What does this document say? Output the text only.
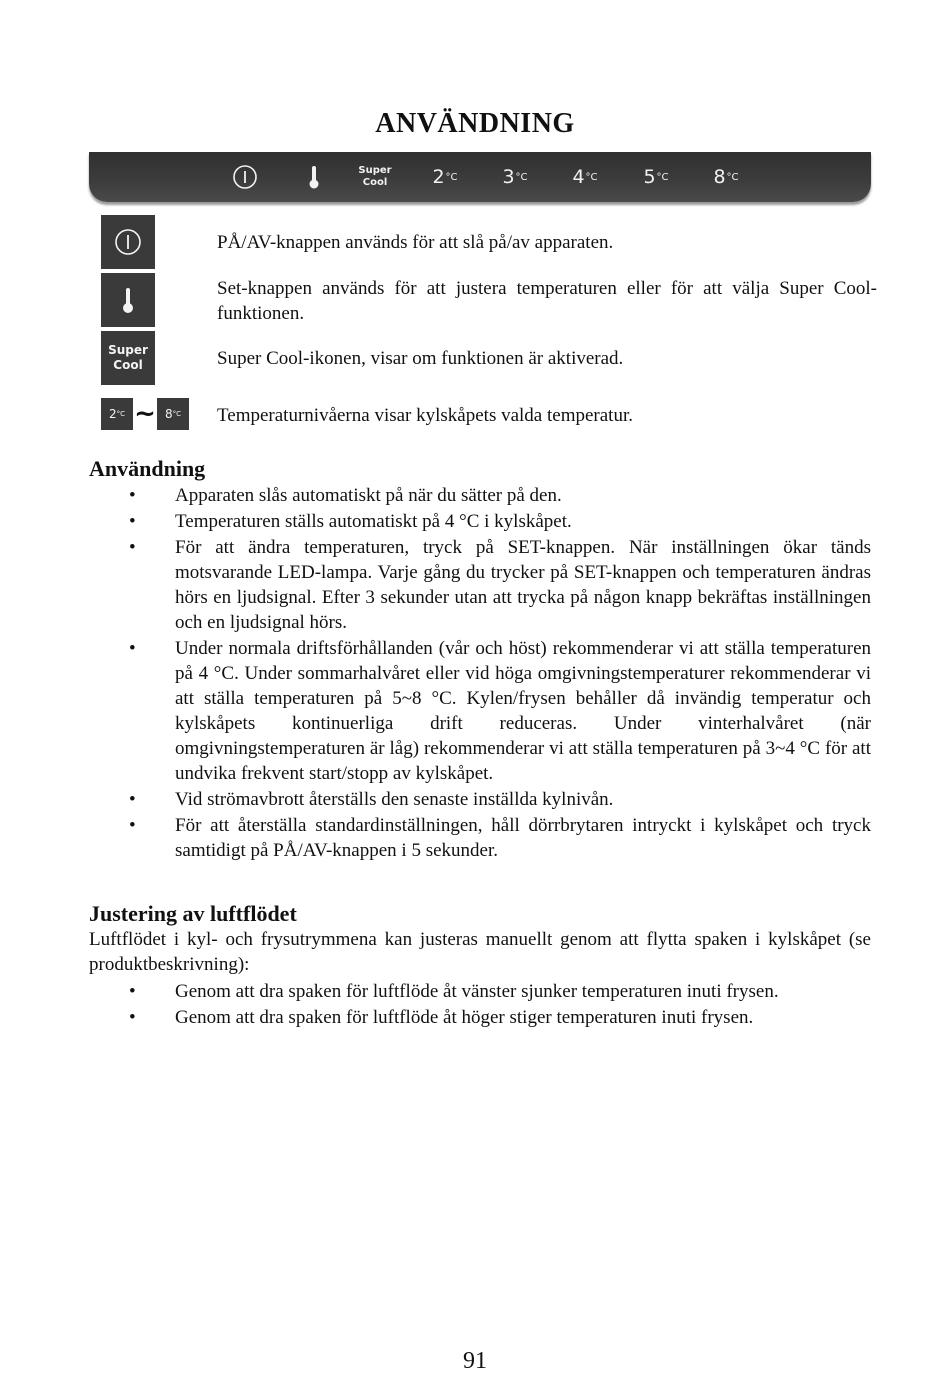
ANVÄNDNING
Super
Cool	2 °C 3 °C 4 °C 5 °C 8 °C
PÅ/AV-knappen används för att slå på/av apparaten.
Set-knappen används för att justera temperaturen eller för att välja Super Cool-funktionen.
Super
Cool	Super Cool-ikonen, visar om funktionen är aktiverad.
2 °C ~ 8 °C Temperaturnivåerna visar kylskåpets valda temperatur.
Användning
• Apparaten slås automatiskt på när du sätter på den.
• Temperaturen ställs automatiskt på 4 °C i kylskåpet.
• För att ändra temperaturen, tryck på SET-knappen. När inställningen ökar tänds motsvarande LED-lampa. Varje gång du trycker på SET-knappen och temperaturen ändras hörs en ljudsignal. Efter 3 sekunder utan att trycka på någon knapp bekräftas inställningen och en ljudsignal hörs.
• Under normala driftsförhållanden (vår och höst) rekommenderar vi att ställa temperaturen på 4 °C. Under sommarhalvåret eller vid höga omgivningstemperaturer rekommenderar vi att ställa temperaturen på 5~8 °C. Kylen/frysen behåller då invändig temperatur och kylskåpets kontinuerliga drift reduceras. Under vinterhalvåret (när omgivningstemperaturen är låg) rekommenderar vi att ställa temperaturen på 3~4 °C för att undvika frekvent start/stopp av kylskåpet.
• Vid strömavbrott återställs den senaste inställda kylnivån.
• För att återställa standardinställningen, håll dörrbrytaren intryckt i kylskåpet och tryck samtidigt på PÅ/AV-knappen i 5 sekunder.
Justering av luftflödet

Luftflödet i kyl- och frysutrymmena kan justeras manuellt genom att flytta spaken i kylskåpet (se produktbeskrivning):

• Genom att dra spaken för luftflöde åt vänster sjunker temperaturen inuti frysen.
• Genom att dra spaken för luftflöde åt höger stiger temperaturen inuti frysen.
91
